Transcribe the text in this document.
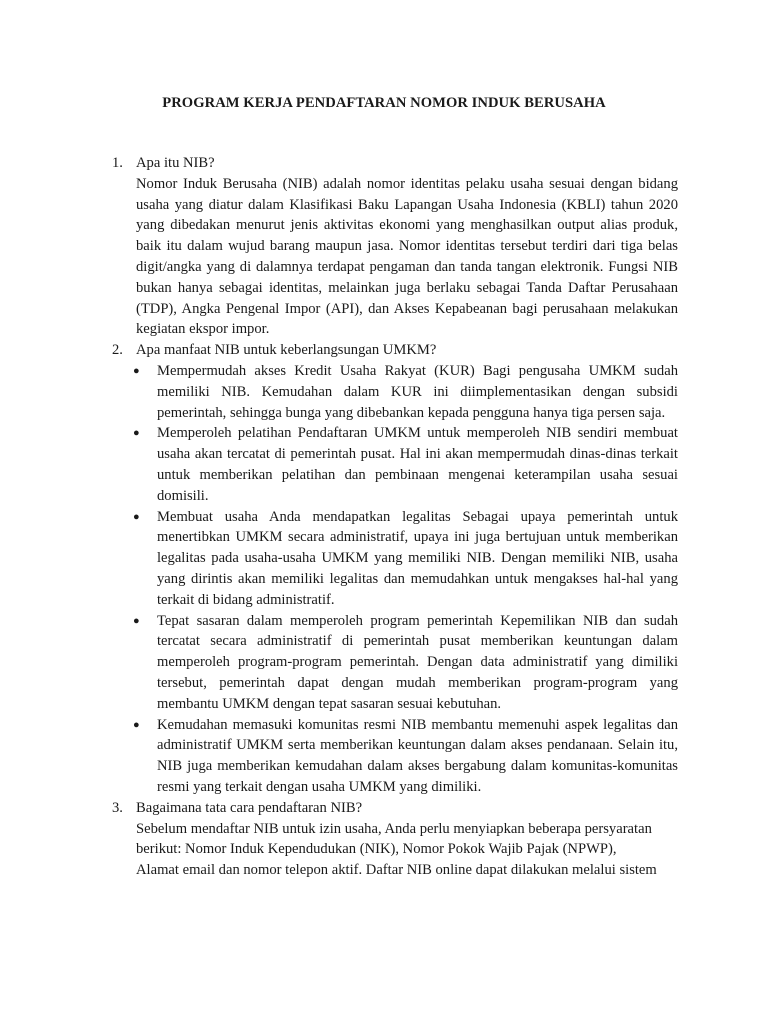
PROGRAM KERJA PENDAFTARAN NOMOR INDUK BERUSAHA
1. Apa itu NIB?
Nomor Induk Berusaha (NIB) adalah nomor identitas pelaku usaha sesuai dengan bidang usaha yang diatur dalam Klasifikasi Baku Lapangan Usaha Indonesia (KBLI) tahun 2020 yang dibedakan menurut jenis aktivitas ekonomi yang menghasilkan output alias produk, baik itu dalam wujud barang maupun jasa. Nomor identitas tersebut terdiri dari tiga belas digit/angka yang di dalamnya terdapat pengaman dan tanda tangan elektronik. Fungsi NIB bukan hanya sebagai identitas, melainkan juga berlaku sebagai Tanda Daftar Perusahaan (TDP), Angka Pengenal Impor (API), dan Akses Kepabeanan bagi perusahaan melakukan kegiatan ekspor impor.
2. Apa manfaat NIB untuk keberlangsungan UMKM?
● Mempermudah akses Kredit Usaha Rakyat (KUR) Bagi pengusaha UMKM sudah memiliki NIB. Kemudahan dalam KUR ini diimplementasikan dengan subsidi pemerintah, sehingga bunga yang dibebankan kepada pengguna hanya tiga persen saja.
● Memperoleh pelatihan Pendaftaran UMKM untuk memperoleh NIB sendiri membuat usaha akan tercatat di pemerintah pusat. Hal ini akan mempermudah dinas-dinas terkait untuk memberikan pelatihan dan pembinaan mengenai keterampilan usaha sesuai domisili.
● Membuat usaha Anda mendapatkan legalitas Sebagai upaya pemerintah untuk menertibkan UMKM secara administratif, upaya ini juga bertujuan untuk memberikan legalitas pada usaha-usaha UMKM yang memiliki NIB. Dengan memiliki NIB, usaha yang dirintis akan memiliki legalitas dan memudahkan untuk mengakses hal-hal yang terkait di bidang administratif.
● Tepat sasaran dalam memperoleh program pemerintah Kepemilikan NIB dan sudah tercatat secara administratif di pemerintah pusat memberikan keuntungan dalam memperoleh program-program pemerintah. Dengan data administratif yang dimiliki tersebut, pemerintah dapat dengan mudah memberikan program-program yang membantu UMKM dengan tepat sasaran sesuai kebutuhan.
● Kemudahan memasuki komunitas resmi NIB membantu memenuhi aspek legalitas dan administratif UMKM serta memberikan keuntungan dalam akses pendanaan. Selain itu, NIB juga memberikan kemudahan dalam akses bergabung dalam komunitas-komunitas resmi yang terkait dengan usaha UMKM yang dimiliki.
3. Bagaimana tata cara pendaftaran NIB?
Sebelum mendaftar NIB untuk izin usaha, Anda perlu menyiapkan beberapa persyaratan
berikut: Nomor Induk Kependudukan (NIK), Nomor Pokok Wajib Pajak (NPWP),
Alamat email dan nomor telepon aktif. Daftar NIB online dapat dilakukan melalui sistem
